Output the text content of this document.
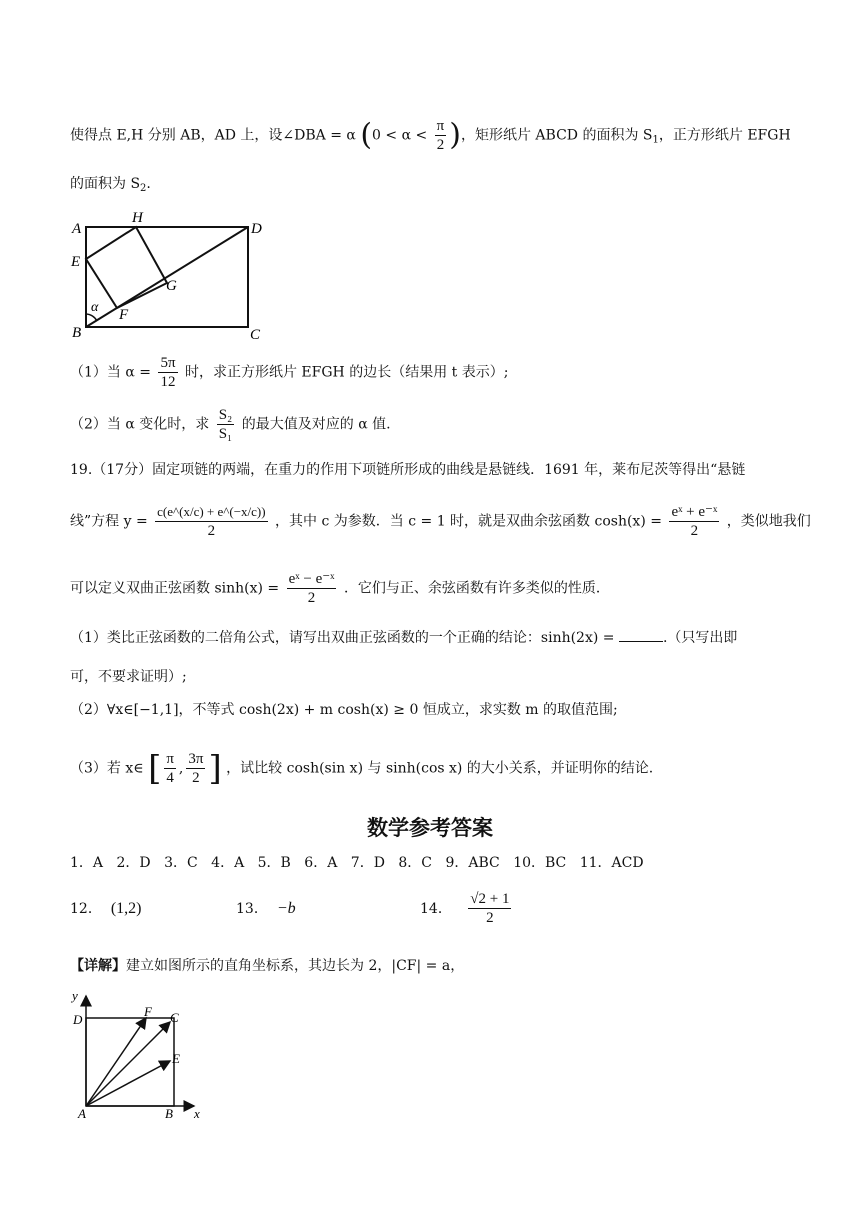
使得点 E,H 分别 AB，AD 上，设∠DBA = α ($0 < \alpha < \frac{\pi}{2}$ )，矩形纸片 ABCD 的面积为 $S_1$，正方形纸片 EFGH
的面积为 $S_2$.
A
H
D
E
G
α F
B	C
（1）当 $\alpha = \frac{5\pi}{12}$ 时，求正方形纸片 EFGH 的边长（结果用 t 表示）;
（2）当 α 变化时，求 $\frac{\text{S₂}}{\text{S₁}}$ 的最大值及对应的 α 值.
19.（17分）固定项链的两端，在重力的作用下项链所形成的曲线是悬链线．1691 年，莱布尼茨等得出“悬链
线”方程 $y = \frac{c(e\^{}(x/c) + e\^{}(-x/c))}{2}$ ，其中 c 为参数．当 c = 1 时，就是双曲余弦函数 $\cosh(x) = \frac{\text{eˣ + e⁻ˣ}}{2}$ ，类似地我们
可以定义双曲正弦函数 $\sinh(x) = \frac{\text{eˣ − e⁻ˣ}}{2}$ ．它们与正、余弦函数有许多类似的性质．
（1）类比正弦函数的二倍角公式，请写出双曲正弦函数的一个正确的结论：sinh(2x) =	.（只写出即
可，不要求证明）;
（2）∀x∈[−1,1]，不等式 cosh(2x) + m cosh(x) ≥ 0 恒成立，求实数 m 的取值范围;
（3）若 x∈ [ $\frac{\pi}{4}$ , $\frac{3\pi}{2}$ ] ，试比较 cosh(sin x) 与 sinh(cos x) 的大小关系，并证明你的结论.
数学参考答案
1．A 2．D 3．C 4．A 5．B 6．A 7．D 8．C 9．ABC 10．BC 11．ACD
12． (1,2)	13． −b⃗	14． $\frac{√2 + 1}{2}$
【详解】建立如图所示的直角坐标系，其边长为 2，|CF| = a，
y
D
F C
E
A	B x
